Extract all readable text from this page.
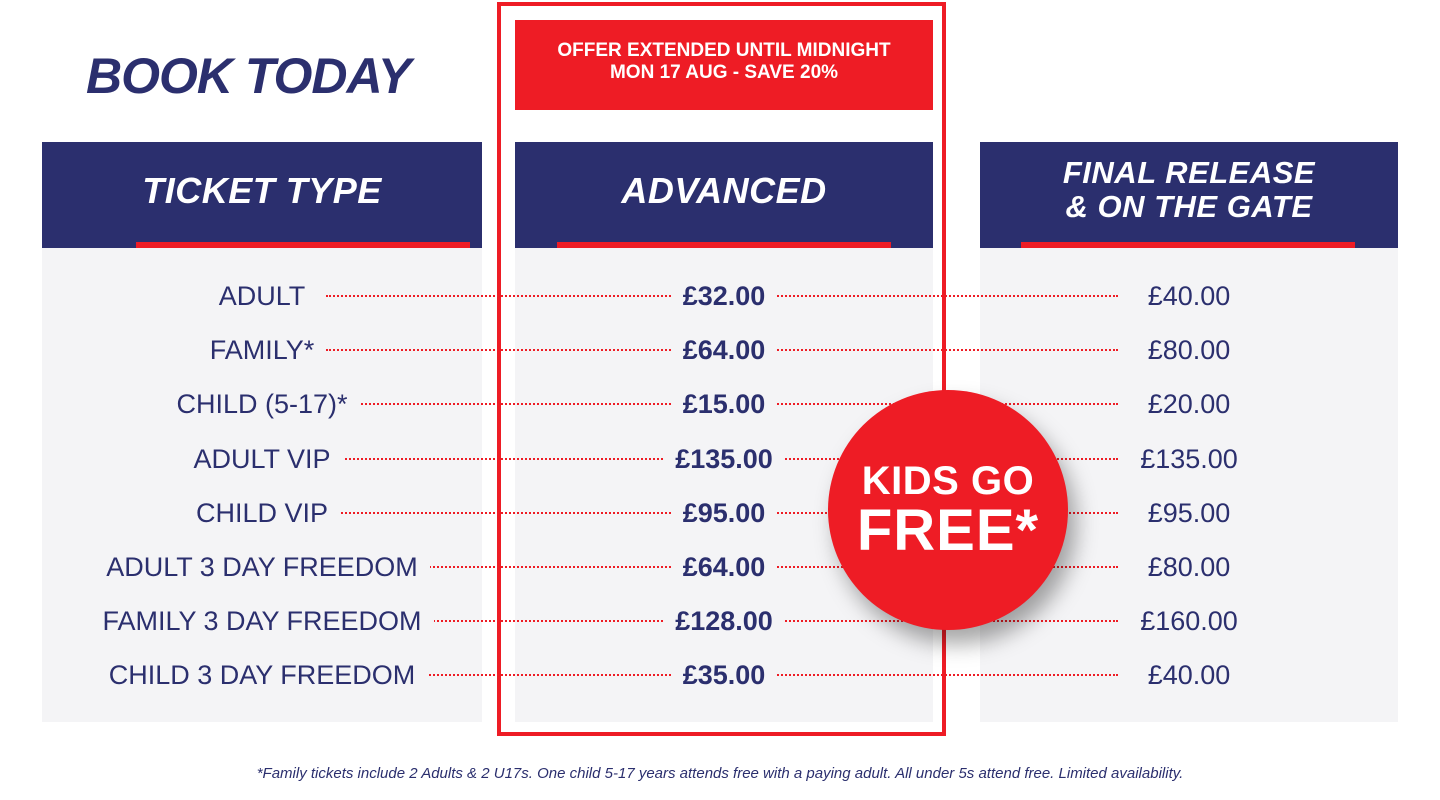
BOOK TODAY
TICKET TYPE	ADVANCED	FINAL RELEASE
& ON THE GATE
OFFER EXTENDED UNTIL MIDNIGHT
MON 17 AUG - SAVE 20%
ADULT	£32.00	£40.00
FAMILY*	£64.00	£80.00
CHILD (5-17)*	£15.00	£20.00
ADULT VIP	£135.00	£135.00
CHILD VIP	£95.00	£95.00
ADULT 3 DAY FREEDOM	£64.00	£80.00
FAMILY 3 DAY FREEDOM	£128.00	£160.00
CHILD 3 DAY FREEDOM	£35.00	£40.00
KIDS GO
FREE*
*Family tickets include 2 Adults & 2 U17s. One child 5-17 years attends free with a paying adult. All under 5s attend free. Limited availability.
